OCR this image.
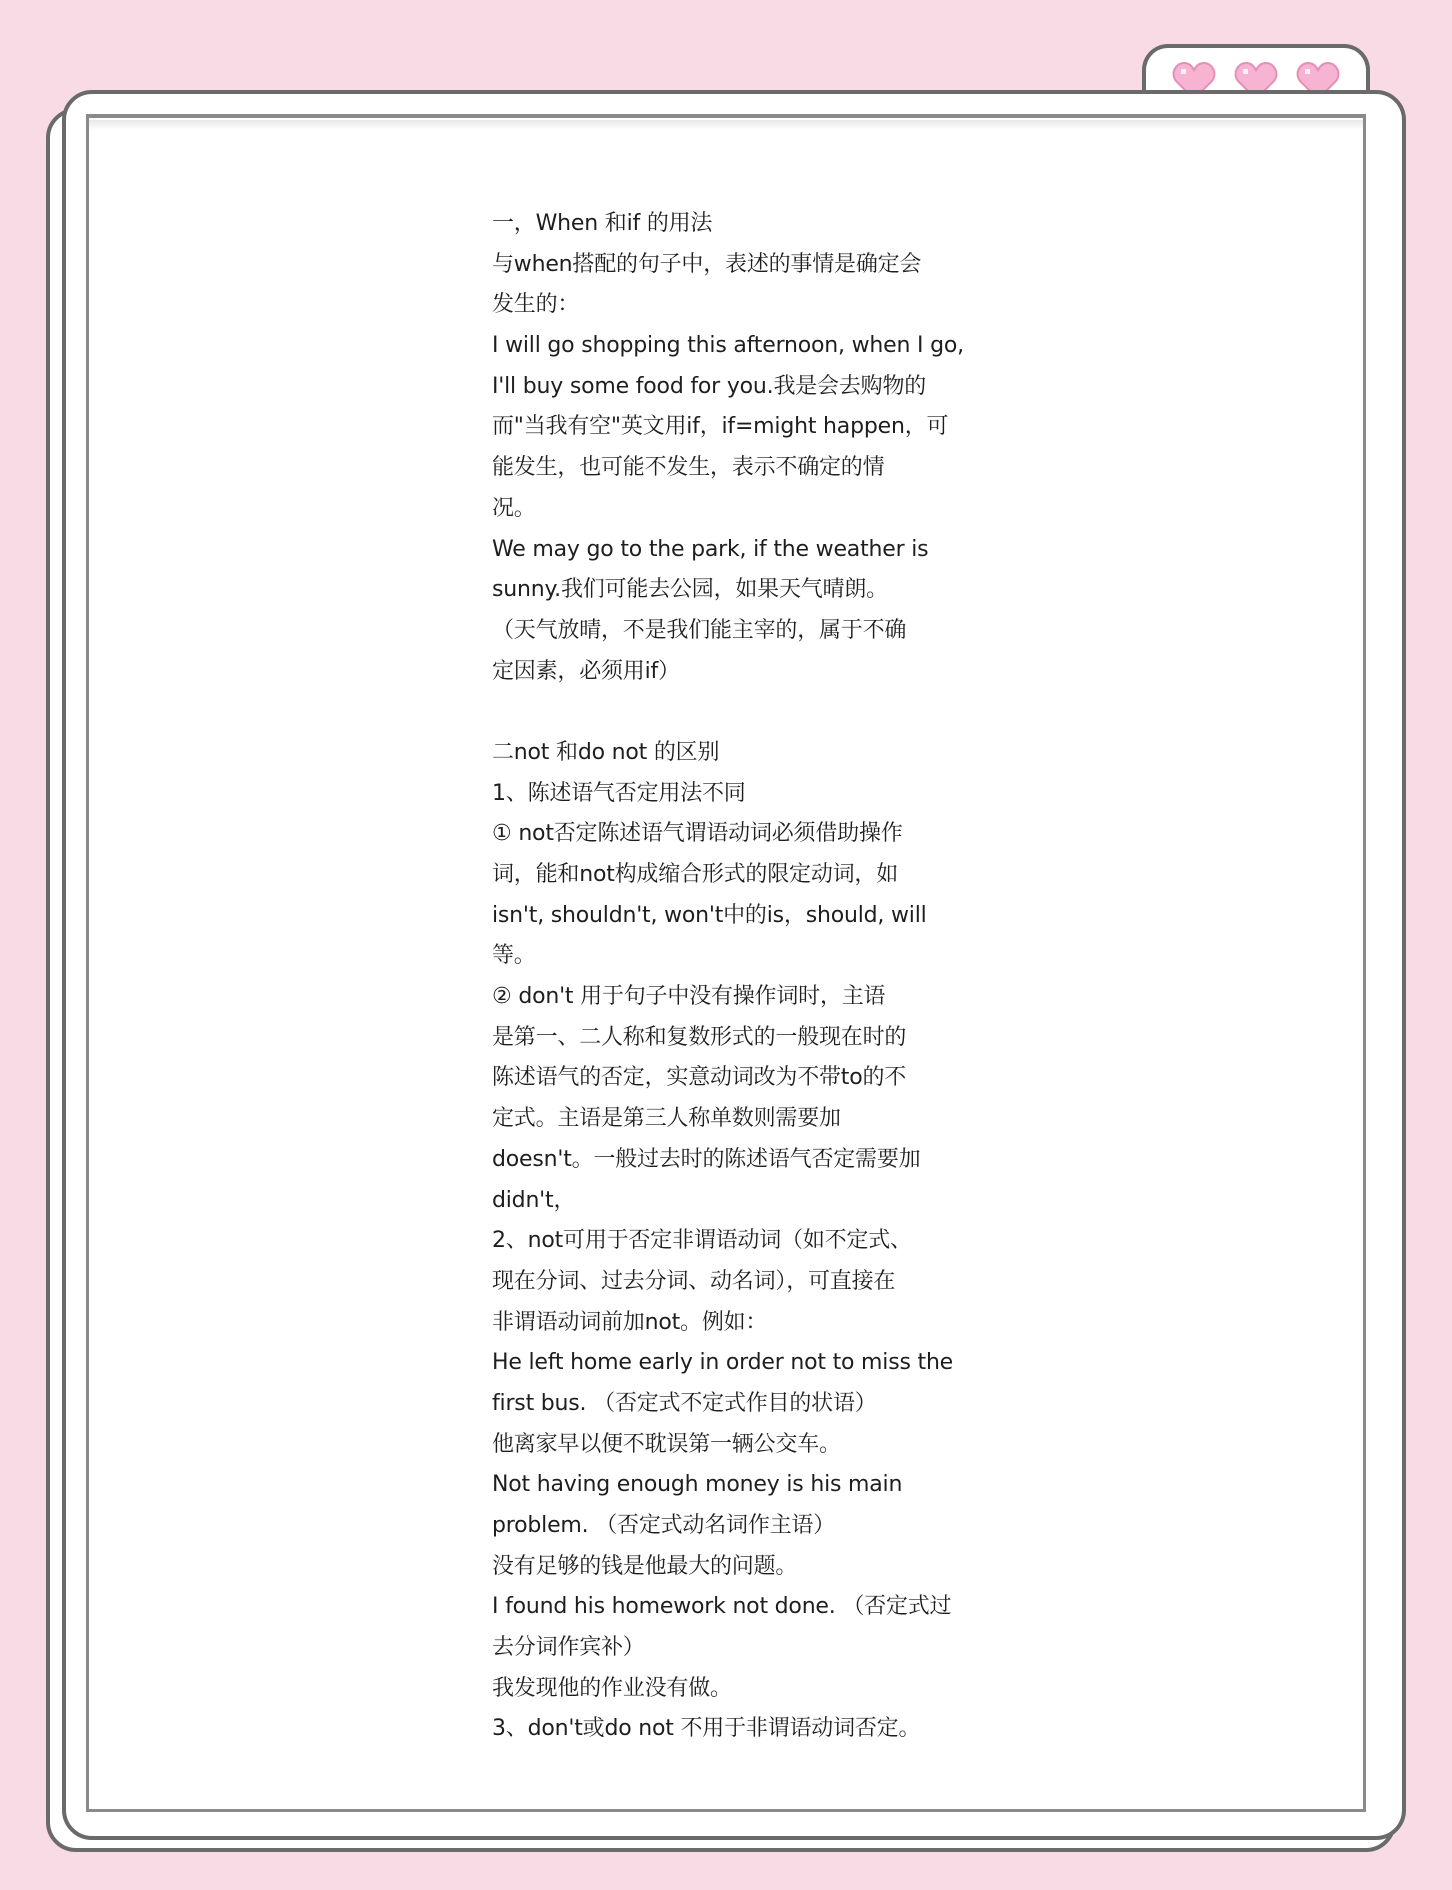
一，When 和if 的用法
与when搭配的句子中，表述的事情是确定会
发生的：
I will go shopping this afternoon, when I go,
I'll buy some food for you.我是会去购物的
而"当我有空"英文用if，if=might happen，可
能发生，也可能不发生，表示不确定的情
况。
We may go to the park, if the weather is
sunny.我们可能去公园，如果天气晴朗。
（天气放晴，不是我们能主宰的，属于不确
定因素，必须用if）
二not 和do not 的区别
1、陈述语气否定用法不同
① not否定陈述语气谓语动词必须借助操作
词，能和not构成缩合形式的限定动词，如
isn't, shouldn't, won't中的is，should, will
等。
② don't 用于句子中没有操作词时，主语
是第一、二人称和复数形式的一般现在时的
陈述语气的否定，实意动词改为不带to的不
定式。主语是第三人称单数则需要加
doesn't。一般过去时的陈述语气否定需要加
didn't，
2、not可用于否定非谓语动词（如不定式、
现在分词、过去分词、动名词），可直接在
非谓语动词前加not。例如：
He left home early in order not to miss the
first bus. （否定式不定式作目的状语）
他离家早以便不耽误第一辆公交车。
Not having enough money is his main
problem. （否定式动名词作主语）
没有足够的钱是他最大的问题。
I found his homework not done. （否定式过
去分词作宾补）
我发现他的作业没有做。
3、don't或do not 不用于非谓语动词否定。
